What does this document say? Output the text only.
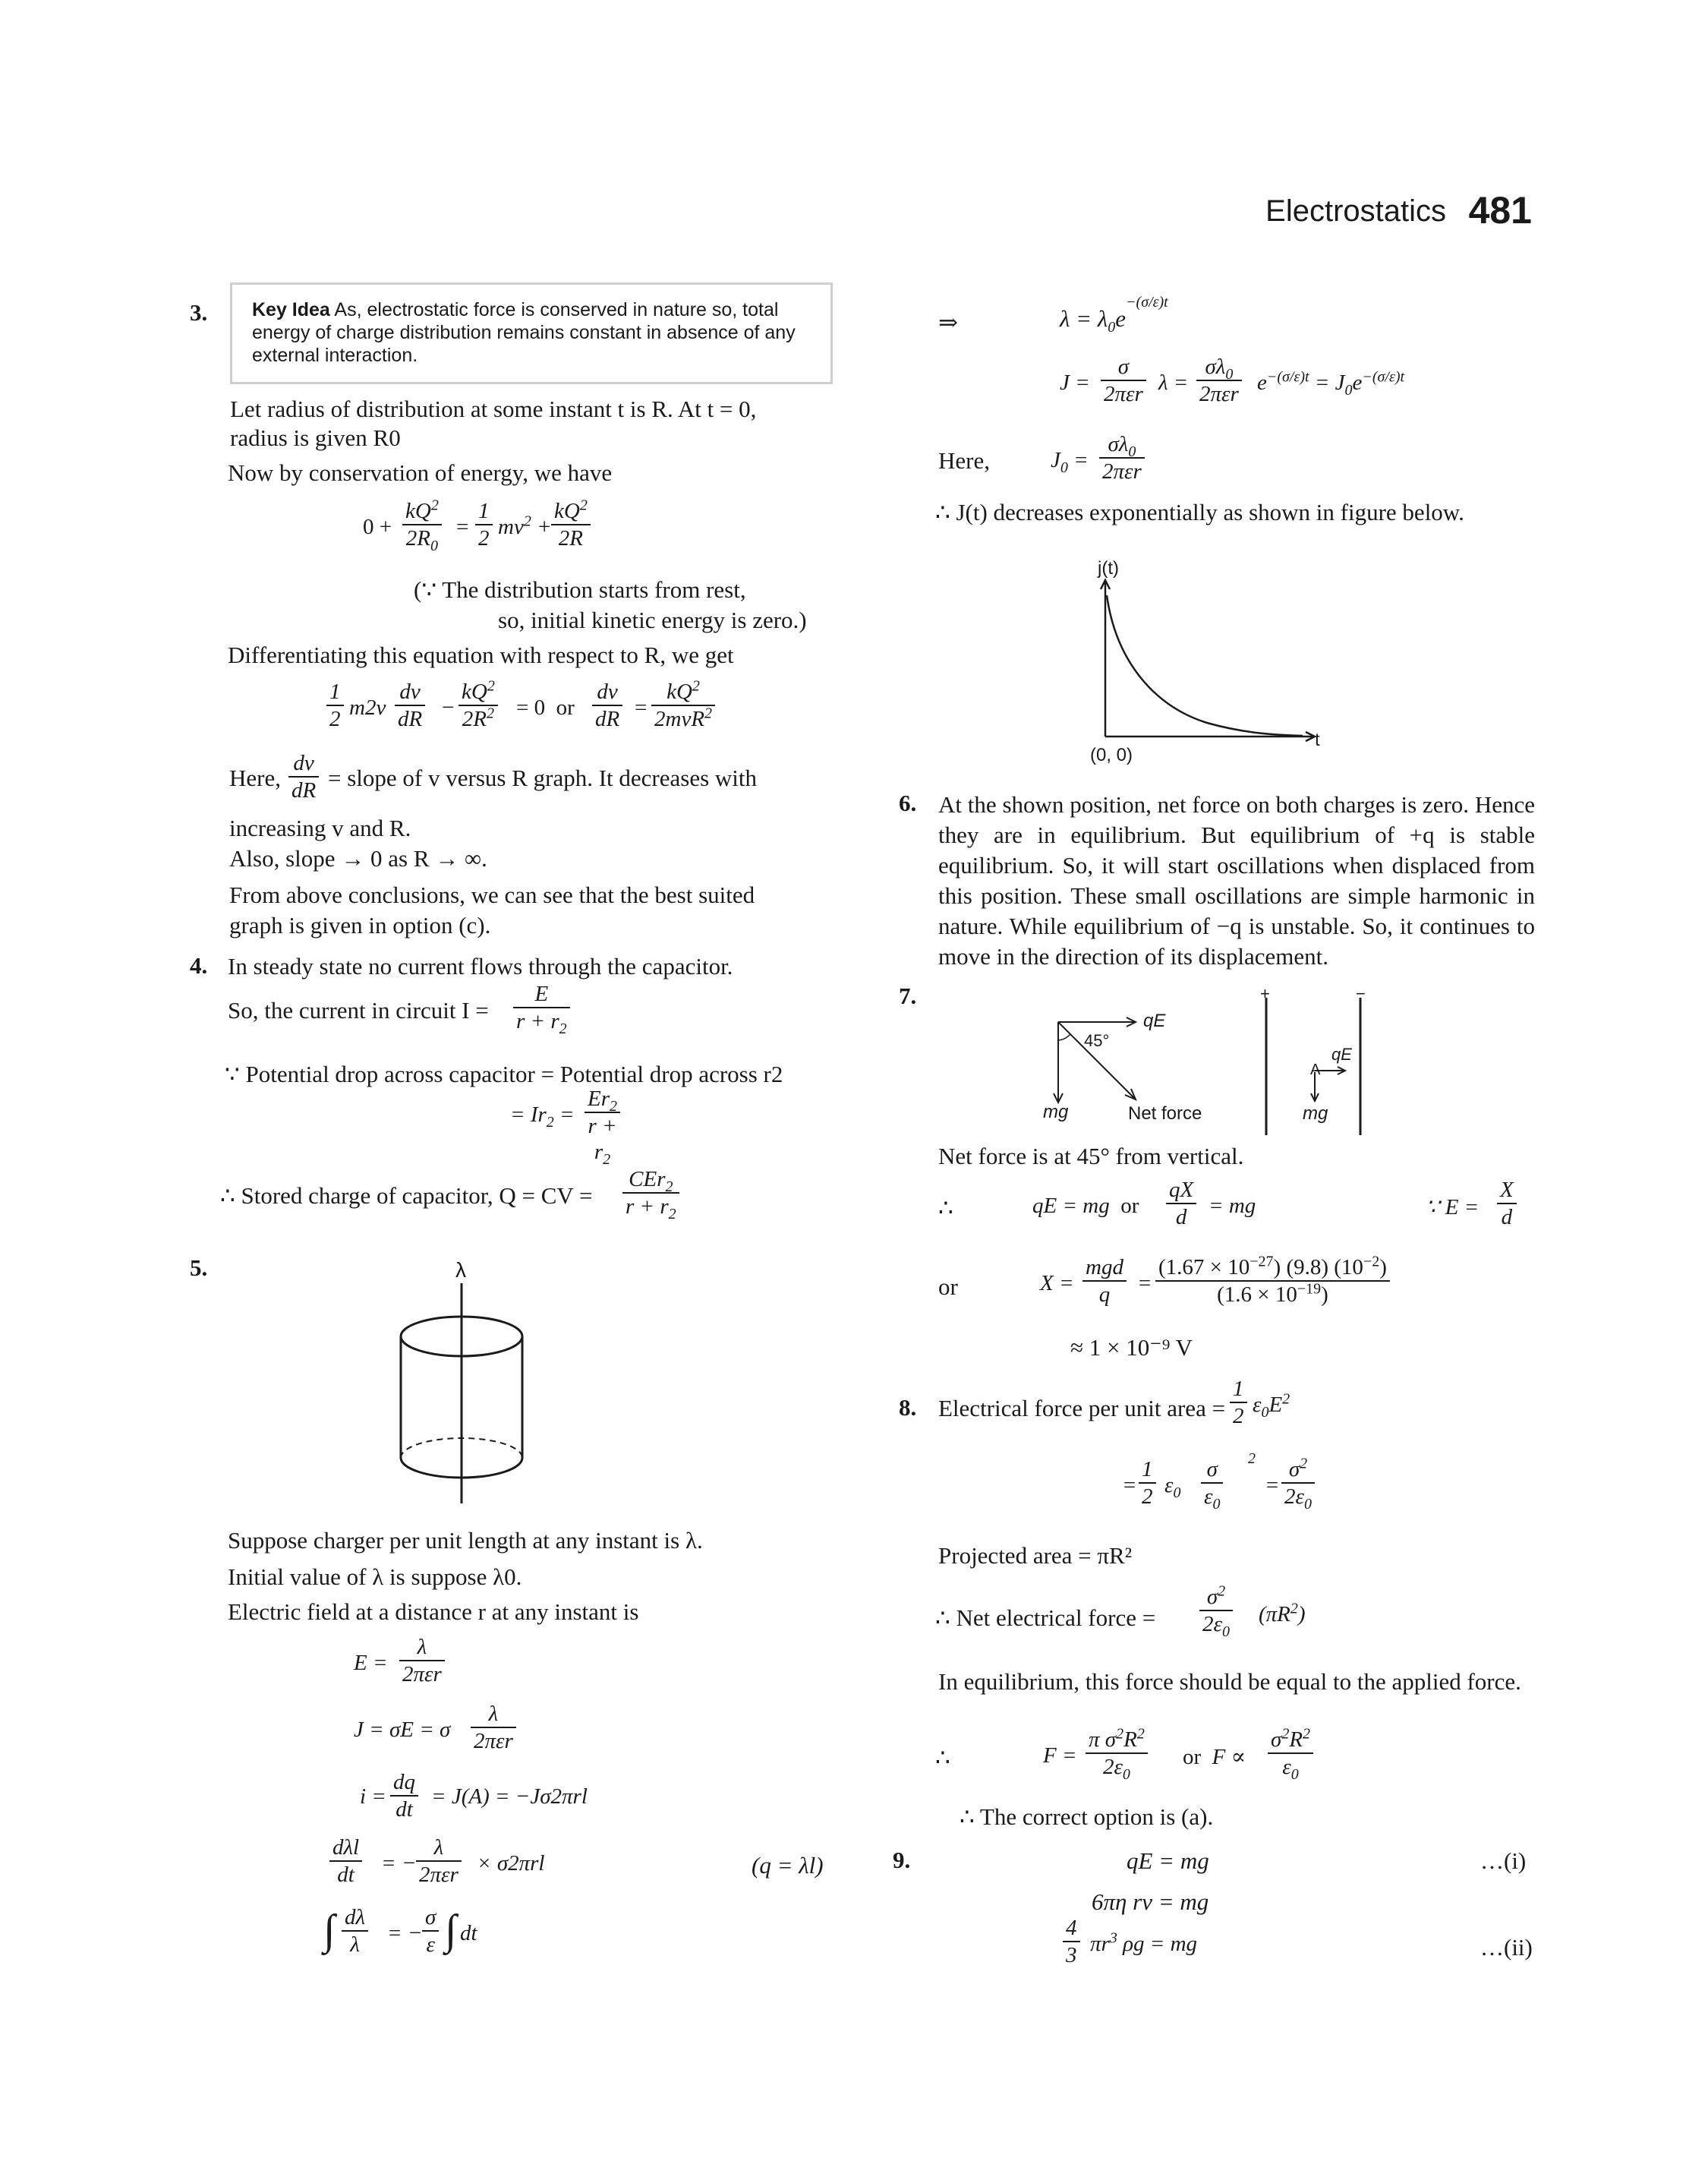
Electrostatics 481
3. Key Idea As, electrostatic force is conserved in nature so, total energy of charge distribution remains constant in absence of any external interaction.
Let radius of distribution at some instant t is R. At t = 0,
radius is given R0
Now by conservation of energy, we have
$0 + \frac{kQ^2}{2R_0} = \frac{1}{2} mv^2 + \frac{kQ^2}{2R}$
(∵ The distribution starts from rest,
so, initial kinetic energy is zero.)
Differentiating this equation with respect to R, we get
$\frac{1}{2} m2v \frac{dv}{dR} - \frac{kQ^2}{2R^2} = 0$  or $\frac{dv}{dR}$ =
$kQ^2$
2mvR$^2$
Here, $\frac{dv}{dR}$ = slope of v versus R graph. It decreases with
increasing v and R.
Also, slope → 0 as R → ∞.
From above conclusions, we can see that the best suited
graph is given in option (c).
4. In steady state no current flows through the capacitor.
So, the current in circuit $I = \frac{E}{r + r_2}$
∵ Potential drop across capacitor = Potential drop across r2
= $Ir_2 = \frac{Er_2}{r + r_2}$
∴ Stored charge of capacitor, Q = CV =
CEr$_2$
$r + r_2$
5.	λ
Suppose charger per unit length at any instant is λ.
Initial value of λ is suppose λ0.
Electric field at a distance r at any instant is
E =
λ
2πεr
J = σE = σ
λ
2πεr
$i = \frac{dq}{dt} = J(A) = -J\sigma 2\pi rl$
dλl
dt	= −
λ
2πεr × σ2πrl
∫ $\frac{d\lambda}{\lambda}$ = − $\frac{\sigma}{\varepsilon}$ ∫ dt
(q = λl)
⇒	$\lambda = \lambda_0e-(\sigma/\varepsilon)t$
J =
σ
2πεr λ =
$\sigma\lambda_0$
2πεr $e^{-(\sigma/\varepsilon)t} = J_0e^{-(\sigma/\varepsilon)t}$
Here,	$J_0$ =
$\sigma\lambda_0$
2πεr
∴ J(t) decreases exponentially as shown in figure below.
j(t)
t
(0, 0)
6. At the shown position, net force on both charges is zero. Hence they are in equilibrium. But equilibrium of +q is stable equilibrium. So, it will start oscillations when displaced from this position. These small oscillations are simple harmonic in nature. While equilibrium of −q is unstable. So, it continues to move in the direction of its displacement.
7.
qE
45°
mg	Net force
+	−
A
qE
mg
Net force is at 45° from vertical.
∴	qE = mg  or $\frac{qX}{d}$ = mg	∵ $E = \frac{X}{d}$
or	X =
mgd
q	= $\frac{(1.67 \times 10^{-27}) (9.8) (10^{-2})}{(1.6 \times 10^{-19})}$
≈ 1 × 10⁻⁹ V
8. Electrical force per unit area = $\frac{1}{2} \varepsilon_0E^2$
= $\frac{1}{2} \varepsilon_0 \frac{\sigma}{\varepsilon_0} 2$
= $\frac{\sigma^2}{2\varepsilon_0}$
Projected area = πR²
∴ Net electrical force = $\frac{\sigma^2}{2\varepsilon_0} (\pi R^2)$
In equilibrium, this force should be equal to the applied force.
∴	$F = \frac{\pi \sigma^2R^2}{2\varepsilon_0}$ or  $F \propto \frac{\sigma^2R^2}{\varepsilon_0}$
∴ The correct option is (a).
9.	qE = mg	…(i)
6πη rv = mg
$\frac{4}{3} \pi r^3$ ρg = mg	…(ii)
